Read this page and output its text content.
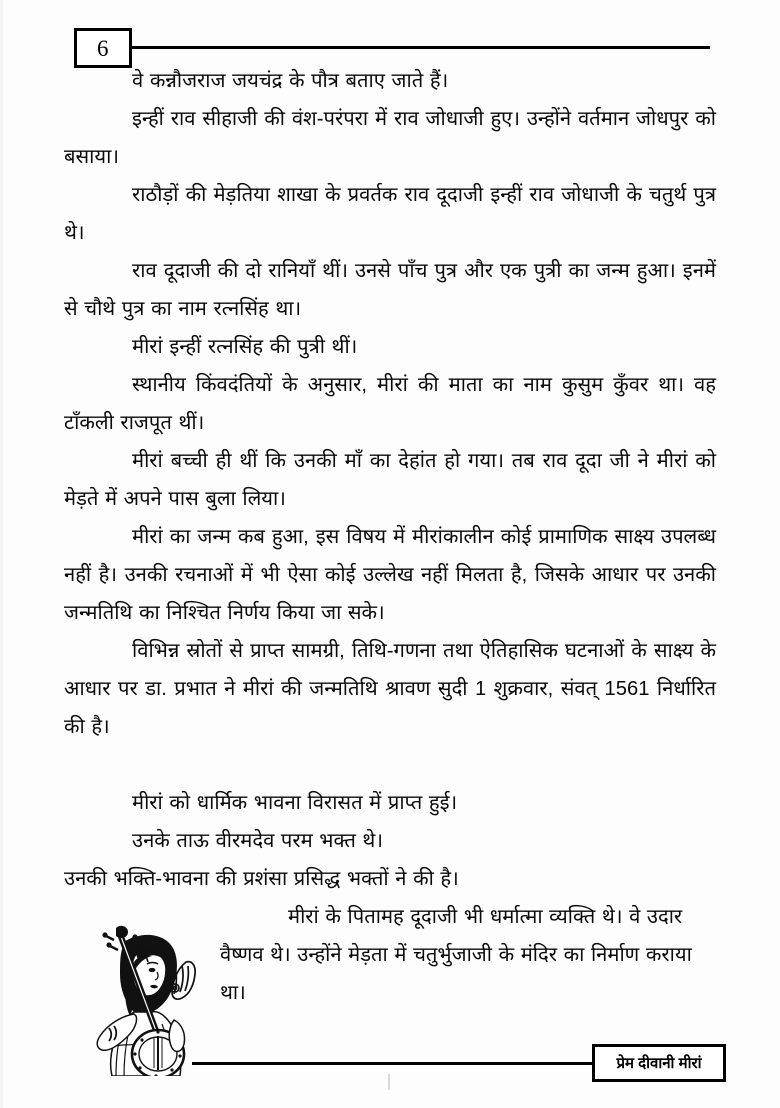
6

वे कन्नौजराज जयचंद्र के पौत्र बताए जाते हैं।

इन्हीं राव सीहाजी की वंश-परंपरा में राव जोधाजी हुए। उन्होंने वर्तमान जोधपुर को बसाया।

राठौड़ों की मेड़तिया शाखा के प्रवर्तक राव दूदाजी इन्हीं राव जोधाजी के चतुर्थ पुत्र थे।

राव दूदाजी की दो रानियाँ थीं। उनसे पाँच पुत्र और एक पुत्री का जन्म हुआ। इनमें से चौथे पुत्र का नाम रत्नसिंह था।

मीरां इन्हीं रत्नसिंह की पुत्री थीं।

स्थानीय किंवदंतियों के अनुसार, मीरां की माता का नाम कुसुम कुँवर था। वह टाँकली राजपूत थीं।

मीरां बच्ची ही थीं कि उनकी माँ का देहांत हो गया। तब राव दूदा जी ने मीरां को मेड़ते में अपने पास बुला लिया।

मीरां का जन्म कब हुआ, इस विषय में मीरांकालीन कोई प्रामाणिक साक्ष्य उपलब्ध नहीं है। उनकी रचनाओं में भी ऐसा कोई उल्लेख नहीं मिलता है, जिसके आधार पर उनकी जन्मतिथि का निश्चित निर्णय किया जा सके।

विभिन्न स्रोतों से प्राप्त सामग्री, तिथि-गणना तथा ऐतिहासिक घटनाओं के साक्ष्य के आधार पर डा. प्रभात ने मीरां की जन्मतिथि श्रावण सुदी 1 शुक्रवार, संवत् 1561 निर्धारित की है।

मीरां को धार्मिक भावना विरासत में प्राप्त हुई।

उनके ताऊ वीरमदेव परम भक्त थे।

उनकी भक्ति-भावना की प्रशंसा प्रसिद्ध भक्तों ने की है।

मीरां के पितामह दूदाजी भी धर्मात्मा व्यक्ति थे। वे उदार वैष्णव थे। उन्होंने मेड़ता में चतुर्भुजाजी के मंदिर का निर्माण कराया था।

प्रेम दीवानी मीरां
